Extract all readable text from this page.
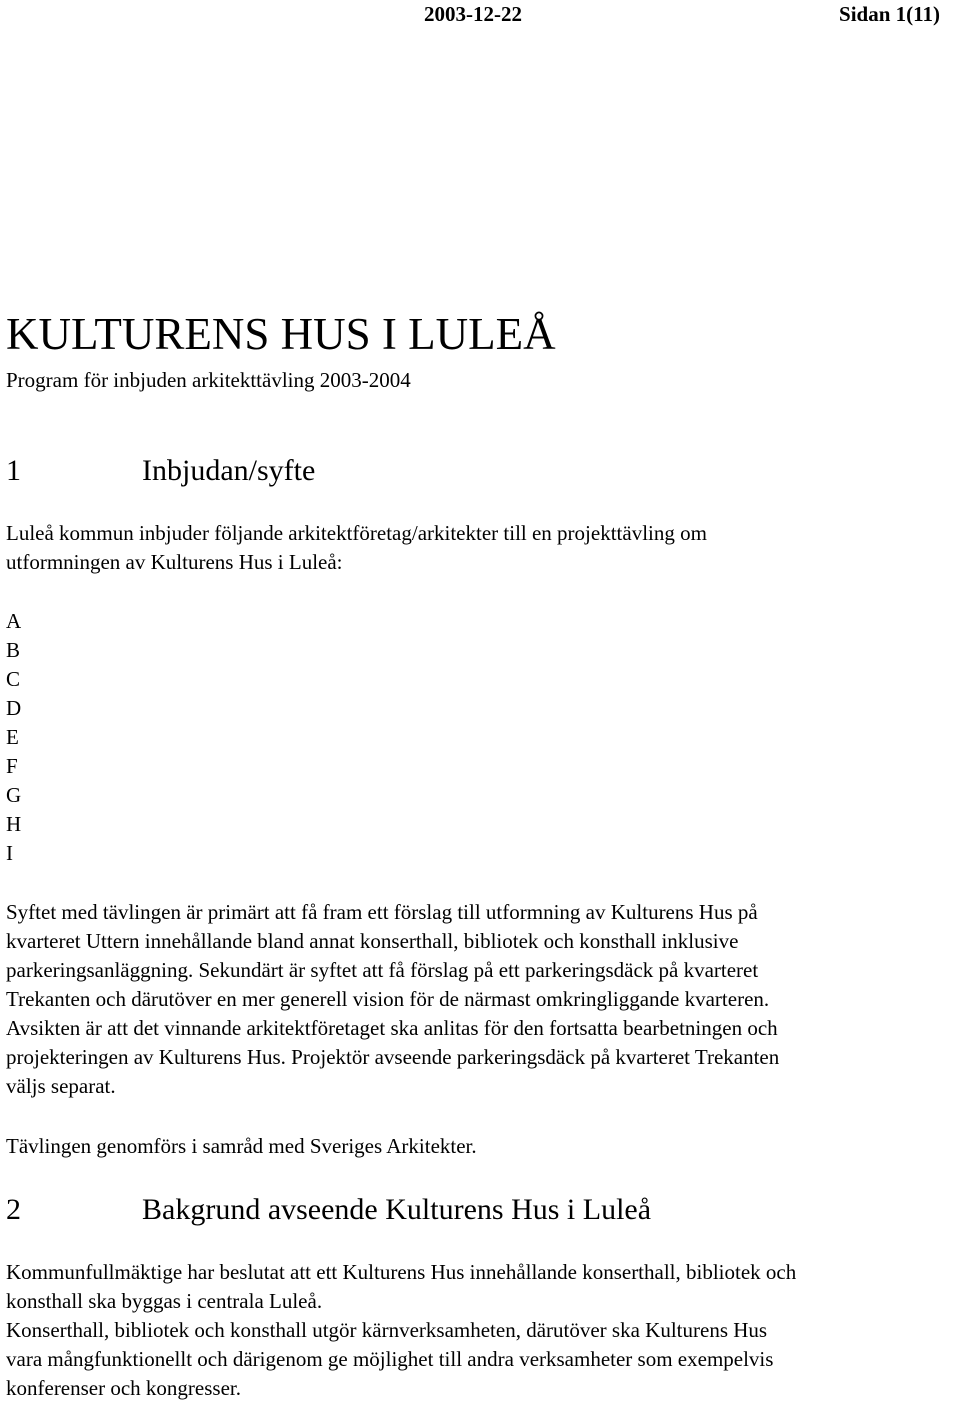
2003-12-22	Sidan 1(11)
KULTURENS HUS I LULEÅ
Program för inbjuden arkitekttävling 2003-2004
1	Inbjudan/syfte

Luleå kommun inbjuder följande arkitektföretag/arkitekter till en projekttävling om
utformningen av Kulturens Hus i Luleå:

A
B
C
D
E
F
G
H
I

Syftet med tävlingen är primärt att få fram ett förslag till utformning av Kulturens Hus på
kvarteret Uttern innehållande bland annat konserthall, bibliotek och konsthall inklusive
parkeringsanläggning. Sekundärt är syftet att få förslag på ett parkeringsdäck på kvarteret
Trekanten och därutöver en mer generell vision för de närmast omkringliggande kvarteren.
Avsikten är att det vinnande arkitektföretaget ska anlitas för den fortsatta bearbetningen och
projekteringen av Kulturens Hus. Projektör avseende parkeringsdäck på kvarteret Trekanten
väljs separat.

Tävlingen genomförs i samråd med Sveriges Arkitekter.

2	Bakgrund avseende Kulturens Hus i Luleå

Kommunfullmäktige har beslutat att ett Kulturens Hus innehållande konserthall, bibliotek och
konsthall ska byggas i centrala Luleå.
Konserthall, bibliotek och konsthall utgör kärnverksamheten, därutöver ska Kulturens Hus
vara mångfunktionellt och därigenom ge möjlighet till andra verksamheter som exempelvis
konferenser och kongresser.
